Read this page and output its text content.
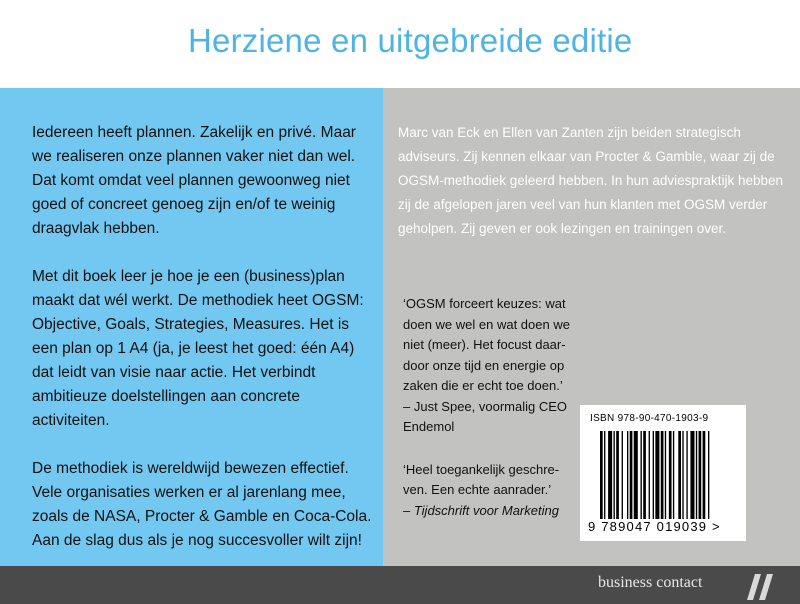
Herziene en uitgebreide editie

Iedereen heeft plannen. Zakelijk en privé. Maar we realiseren onze plannen vaker niet dan wel. Dat komt omdat veel plannen gewoonweg niet goed of concreet genoeg zijn en/of te weinig draagvlak hebben.

Met dit boek leer je hoe je een (business)plan maakt dat wél werkt. De methodiek heet OGSM: Objective, Goals, Strategies, Measures. Het is een plan op 1 A4 (ja, je leest het goed: één A4) dat leidt van visie naar actie. Het verbindt ambitieuze doelstellingen aan concrete activiteiten.

De methodiek is wereldwijd bewezen effectief. Vele organisaties werken er al jarenlang mee, zoals de NASA, Procter & Gamble en Coca-Cola. Aan de slag dus als je nog succesvoller wilt zijn!

Marc van Eck en Ellen van Zanten zijn beiden strategisch adviseurs. Zij kennen elkaar van Procter & Gamble, waar zij de OGSM-methodiek geleerd hebben. In hun adviespraktijk hebben zij de afgelopen jaren veel van hun klanten met OGSM verder geholpen. Zij geven er ook lezingen en trainingen over.

‘OGSM forceert keuzes: wat doen we wel en wat doen we niet (meer). Het focust daar-door onze tijd en energie op zaken die er echt toe doen.’
– Just Spee, voormalig CEO Endemol

‘Heel toegankelijk geschre-ven. Een echte aanrader.’
– Tijdschrift voor Marketing

ISBN 978-90-470-1903-9
9 789047 019039 >
business contact
